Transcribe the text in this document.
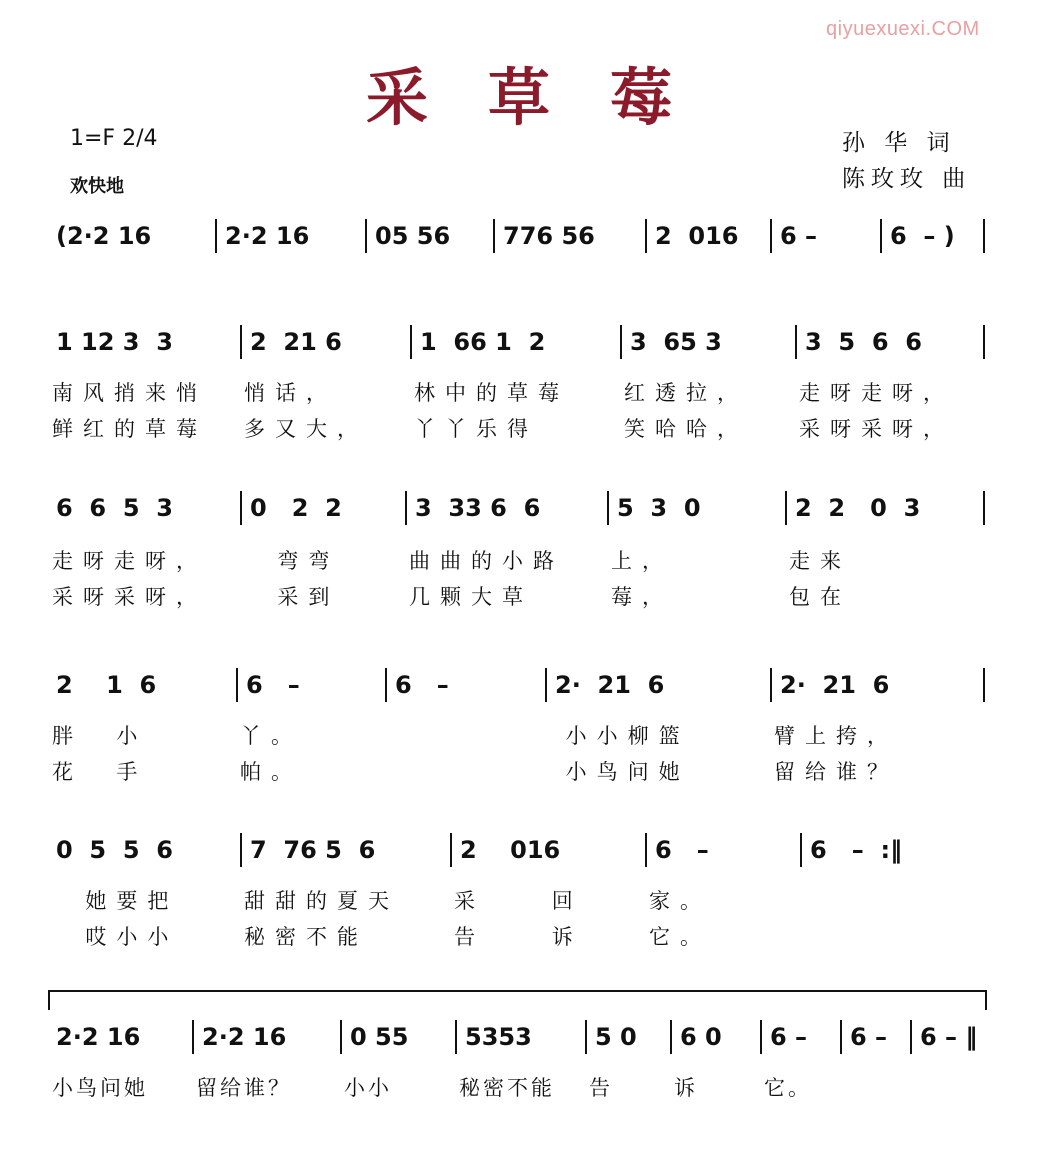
qiyuexuexi.COM
采草莓
1=F 2/4
欢快地
孙 华 词
陈玫玫 曲
(2·2 16	2·2 16	05 56	776 56	2  016	6 –	6  – )
1 12 3  3	2  21 6	1  66 1  2	3  65 3	3  5  6  6
南风捎来悄	悄话，	林中的草莓	红透拉，	走呀走呀，
鲜红的草莓	多又大，	丫丫乐得	笑哈哈，	采呀采呀，
6  6  5  3	0   2  2	3  33 6  6	5  3  0	2  2   0  3
走呀走呀，	弯弯	曲曲的小路	上，	走来
采呀采呀，	采到	几颗大草	莓，	包在
2    1  6	6   –	6   –	2·  21  6	2·  21  6
胖  小	丫。	小小柳篮	臂上挎，
花  手	帕。	小鸟问她	留给谁？
0  5  5  6	7  76 5  6	2    016	6   –	6   –  :‖
她要把	甜甜的夏天	采    回	家。
哎小小	秘密不能	告    诉	它。
2·2 16	2·2 16	0 55	5353	5 0	6 0	6 –	6 –	6 – ‖
小鸟问她	留给谁？	小小	秘密不能	告	诉	它。
